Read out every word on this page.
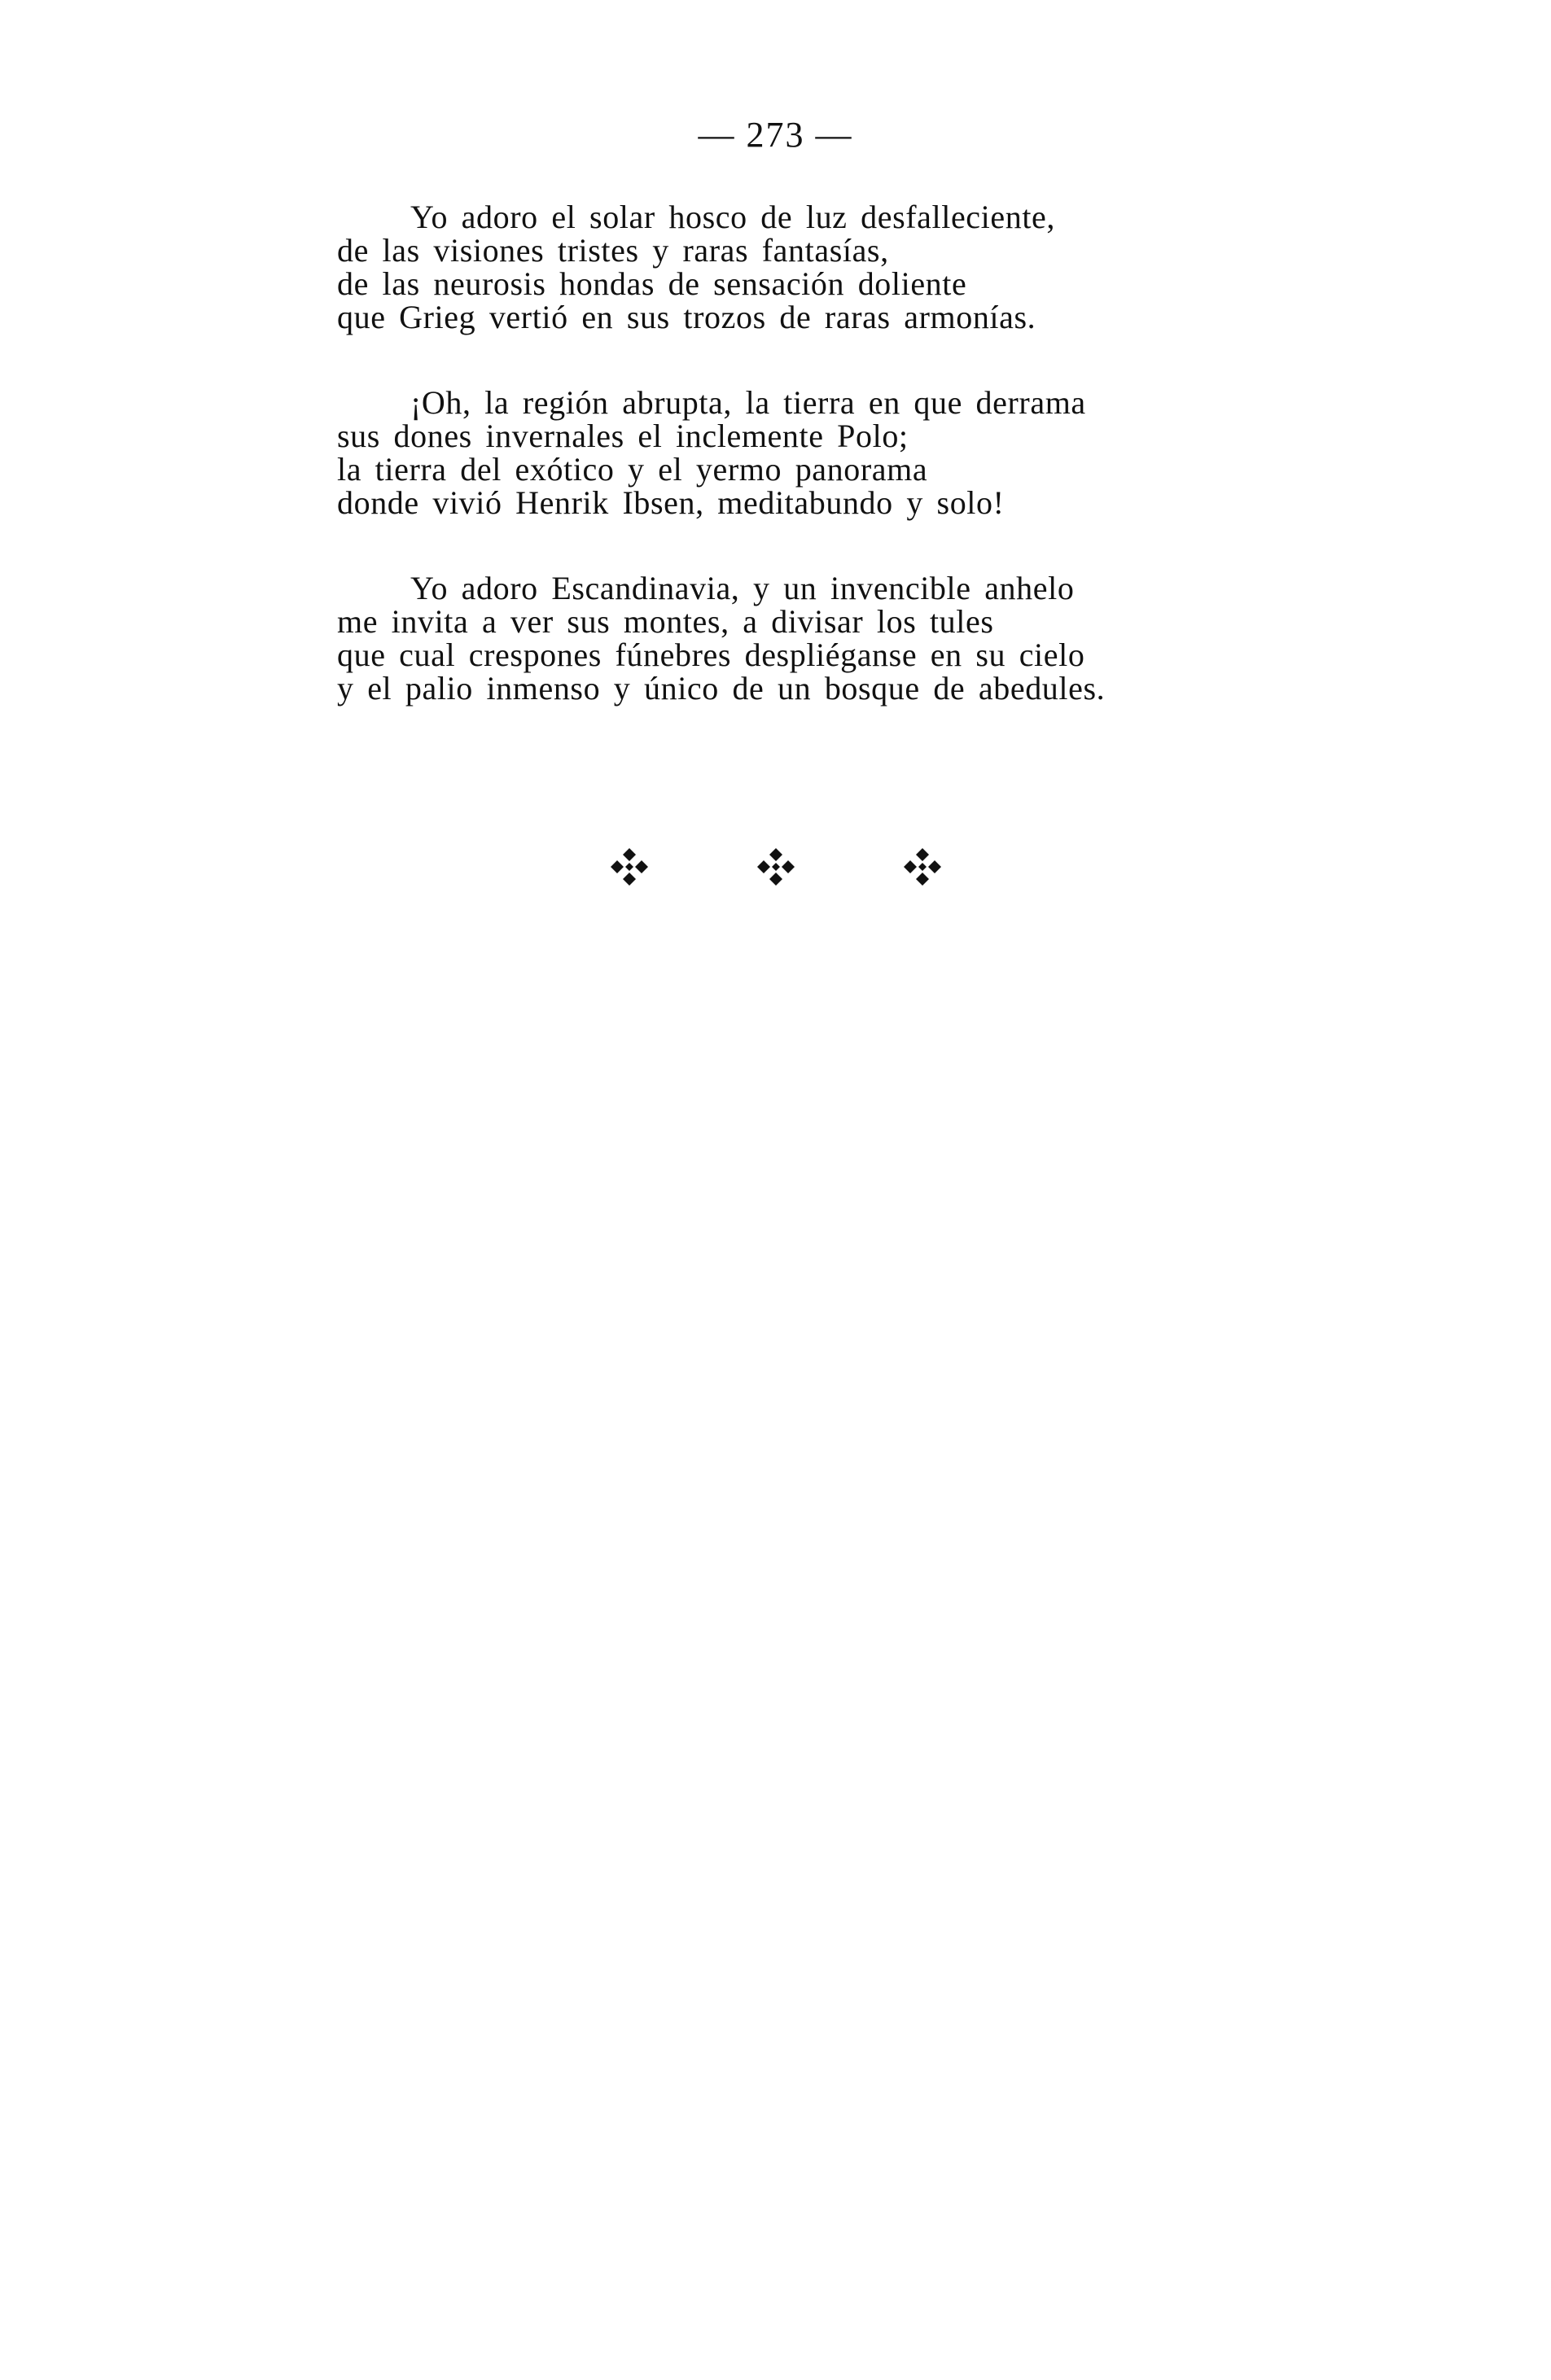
— 273 —
Yo adoro el solar hosco de luz desfalleciente,
de las visiones tristes y raras fantasías,
de las neurosis hondas de sensación doliente
que Grieg vertió en sus trozos de raras armonías.
¡Oh, la región abrupta, la tierra en que derrama
sus dones invernales el inclemente Polo;
la tierra del exótico y el yermo panorama
donde vivió Henrik Ibsen, meditabundo y solo!
Yo adoro Escandinavia, y un invencible anhelo
me invita a ver sus montes, a divisar los tules
que cual crespones fúnebres despliéganse en su cielo
y el palio inmenso y único de un bosque de abedules.
